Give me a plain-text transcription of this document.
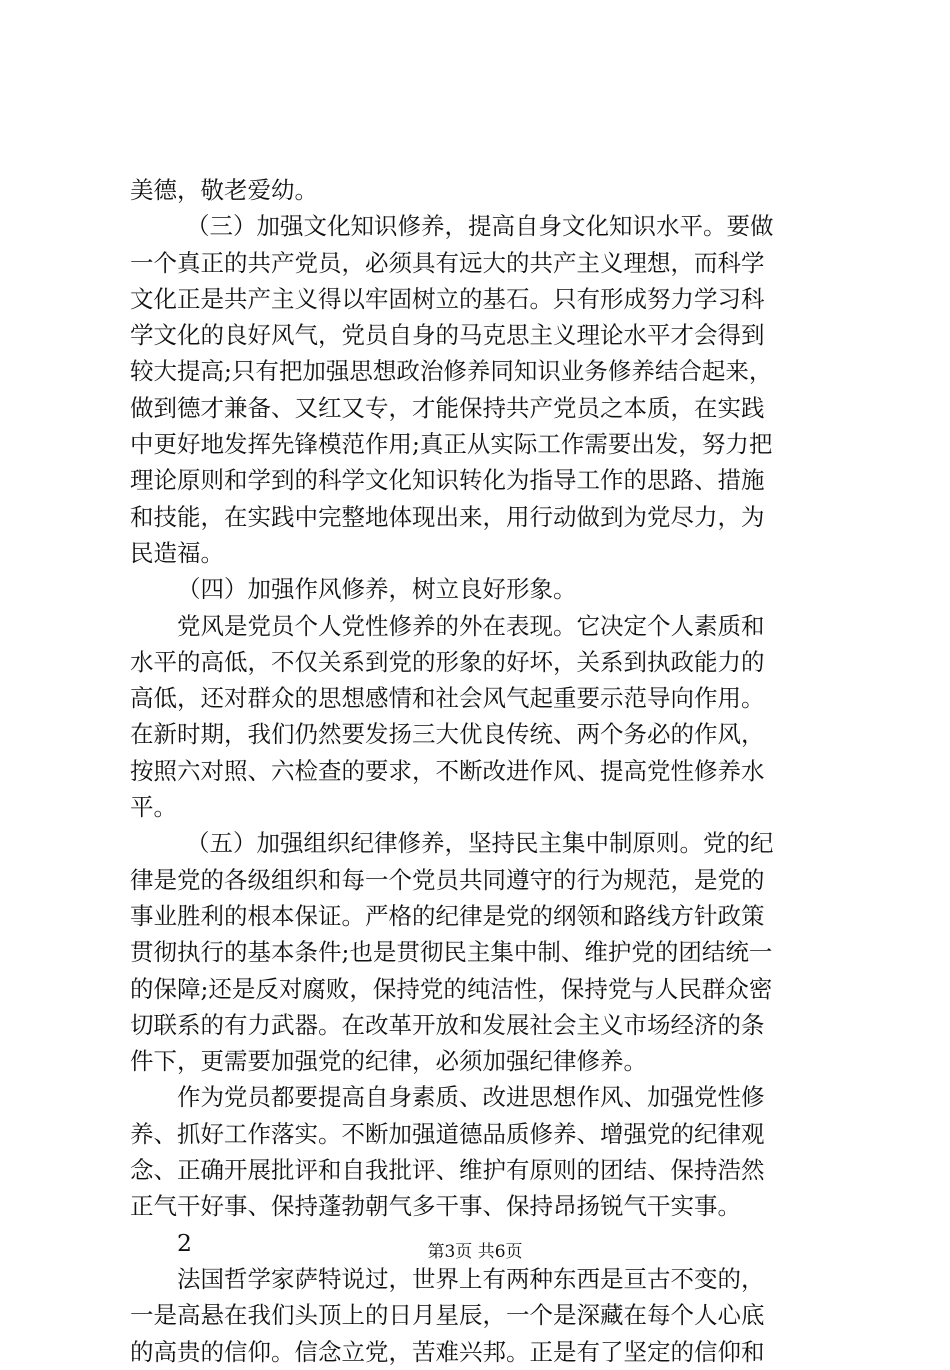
美德，敬老爱幼。
（三）加强文化知识修养，提高自身文化知识水平。要做
一个真正的共产党员，必须具有远大的共产主义理想，而科学
文化正是共产主义得以牢固树立的基石。只有形成努力学习科
学文化的良好风气，党员自身的马克思主义理论水平才会得到
较大提高;只有把加强思想政治修养同知识业务修养结合起来，
做到德才兼备、又红又专，才能保持共产党员之本质，在实践
中更好地发挥先锋模范作用;真正从实际工作需要出发，努力把
理论原则和学到的科学文化知识转化为指导工作的思路、措施
和技能，在实践中完整地体现出来，用行动做到为党尽力，为
民造福。
（四）加强作风修养，树立良好形象。
党风是党员个人党性修养的外在表现。它决定个人素质和
水平的高低，不仅关系到党的形象的好坏，关系到执政能力的
高低，还对群众的思想感情和社会风气起重要示范导向作用。
在新时期，我们仍然要发扬三大优良传统、两个务必的作风，
按照六对照、六检查的要求，不断改进作风、提高党性修养水
平。
（五）加强组织纪律修养，坚持民主集中制原则。党的纪
律是党的各级组织和每一个党员共同遵守的行为规范，是党的
事业胜利的根本保证。严格的纪律是党的纲领和路线方针政策
贯彻执行的基本条件;也是贯彻民主集中制、维护党的团结统一
的保障;还是反对腐败，保持党的纯洁性，保持党与人民群众密
切联系的有力武器。在改革开放和发展社会主义市场经济的条
件下，更需要加强党的纪律，必须加强纪律修养。
作为党员都要提高自身素质、改进思想作风、加强党性修
养、抓好工作落实。不断加强道德品质修养、增强党的纪律观
念、正确开展批评和自我批评、维护有原则的团结、保持浩然
正气干好事、保持蓬勃朝气多干事、保持昂扬锐气干实事。
2
法国哲学家萨特说过，世界上有两种东西是亘古不变的，
一是高悬在我们头顶上的日月星辰，一个是深藏在每个人心底
的高贵的信仰。信念立党，苦难兴邦。正是有了坚定的信仰和
第3页 共6页
